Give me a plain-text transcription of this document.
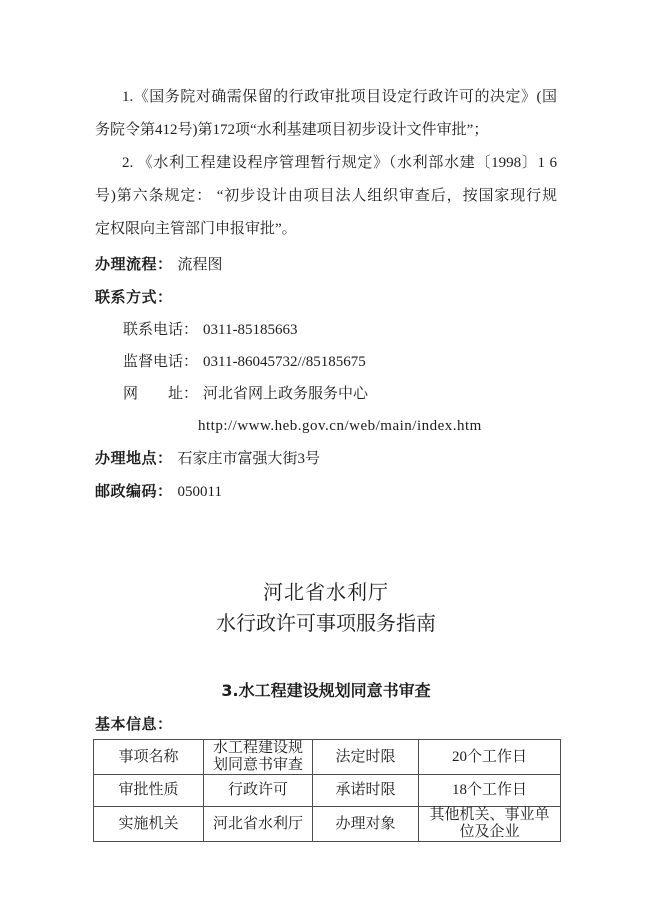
1.《国务院对确需保留的行政审批项目设定行政许可的决定》(国
务院令第412号)第172项“水利基建项目初步设计文件审批”；
2. 《水利工程建设程序管理暂行规定》（水利部水建〔1998〕1 6
号)第六条规定： “初步设计由项目法人组织审查后，按国家现行规
定权限向主管部门申报审批”。
办理流程： 流程图
联系方式：
联系电话： 0311-85185663
监督电话： 0311-86045732//85185675
网 址： 河北省网上政务服务中心
http://www.heb.gov.cn/web/main/index.htm
办理地点： 石家庄市富强大街3号
邮政编码： 050011
河北省水利厅
水行政许可事项服务指南
3.水工程建设规划同意书审查
基本信息：
事项名称	水工程建设规划同意书审查	法定时限	20个工作日
审批性质	行政许可	承诺时限	18个工作日
实施机关	河北省水利厅	办理对象	其他机关、事业单位及企业
